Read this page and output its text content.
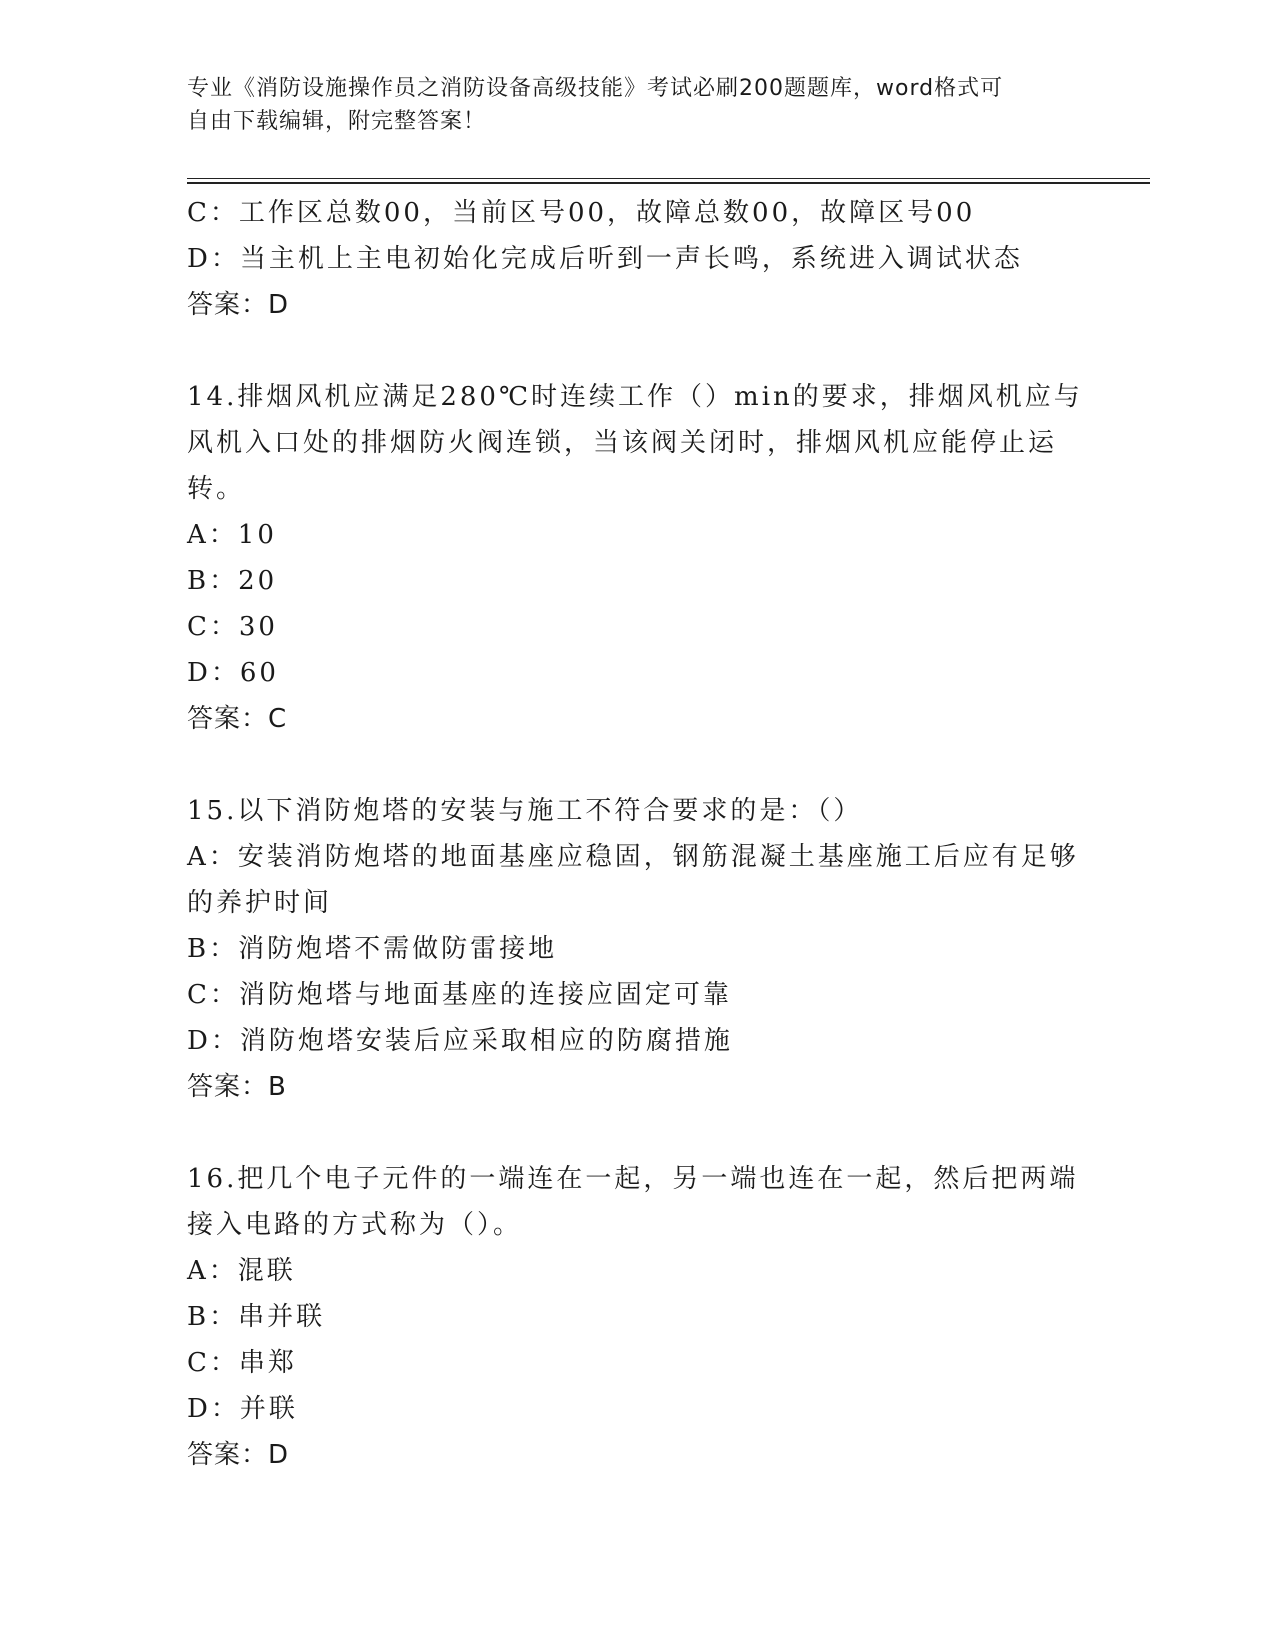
专业《消防设施操作员之消防设备高级技能》考试必刷200题题库，word格式可
自由下载编辑，附完整答案！
C：工作区总数00，当前区号00，故障总数00，故障区号00
D：当主机上主电初始化完成后听到一声长鸣，系统进入调试状态
答案：D
14.排烟风机应满足280℃时连续工作（）min的要求，排烟风机应与
风机入口处的排烟防火阀连锁，当该阀关闭时，排烟风机应能停止运
转。
A：10
B：20
C：30
D：60
答案：C
15.以下消防炮塔的安装与施工不符合要求的是：（）
A：安装消防炮塔的地面基座应稳固，钢筋混凝土基座施工后应有足够
的养护时间
B：消防炮塔不需做防雷接地
C：消防炮塔与地面基座的连接应固定可靠
D：消防炮塔安装后应采取相应的防腐措施
答案：B
16.把几个电子元件的一端连在一起，另一端也连在一起，然后把两端
接入电路的方式称为（）。
A：混联
B：串并联
C：串郑
D：并联
答案：D
